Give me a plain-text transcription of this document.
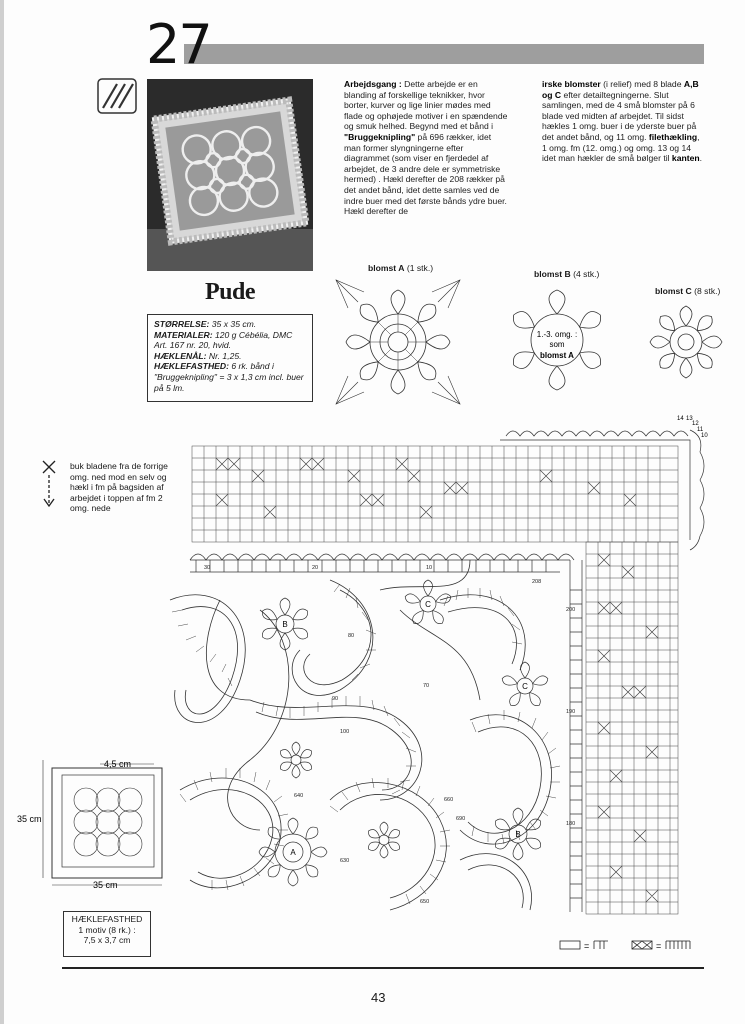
27
Arbejdsgang : Dette arbejde er en blanding af forskellige teknikker, hvor borter, kurver og lige linier mødes med flade og ophøjede motiver i en spændende og smuk helhed. Begynd med et bånd i "Bruggeknipling" på 696 rækker, idet man former slyngningerne efter diagrammet (som viser en fjerdedel af arbejdet, de 3 andre dele er symmetriske hermed) . Hækl derefter de 208 rækker på det andet bånd, idet dette samles ved de indre buer med det første bånds ydre buer. Hækl derefter de
irske blomster (i relief) med 8 blade A,B og C efter detailtegningerne. Slut samlingen, med de 4 små blomster på 6 blade ved midten af arbejdet. Til sidst hækles 1 omg. buer i de yderste buer på det andet bånd, og 11 omg. filethækling, 1 omg. fm (12. omg.) og omg. 13 og 14 idet man hækler de små bølger til kanten.
Pude
STØRRELSE: 35 x 35 cm.
MATERIALER: 120 g Cébélia, DMC Art. 167 nr. 20, hvid.
HÆKLENÅL: Nr. 1,25.
HÆKLEFASTHED: 6 rk. bånd i "Bruggeknipling" = 3 x 1,3 cm incl. buer på 5 lm.
blomst A (1 stk.)
blomst B (4 stk.)
blomst C (8 stk.)
buk bladene fra de forrige omg. ned mod en selv og hækl i fm på bagsiden af arbejdet i toppen af fm 2 omg. nede
1.-3. omg. :
som
blomst A
14 13
12
11
10
B
C
C
A
B
30	20	10
208
200
190
180
70
80
90
100
660
690
650
640
630
4,5 cm
35 cm
35 cm
=	=
HÆKLEFASTHED
1 motiv (8 rk.) :
7,5 x 3,7 cm
43
